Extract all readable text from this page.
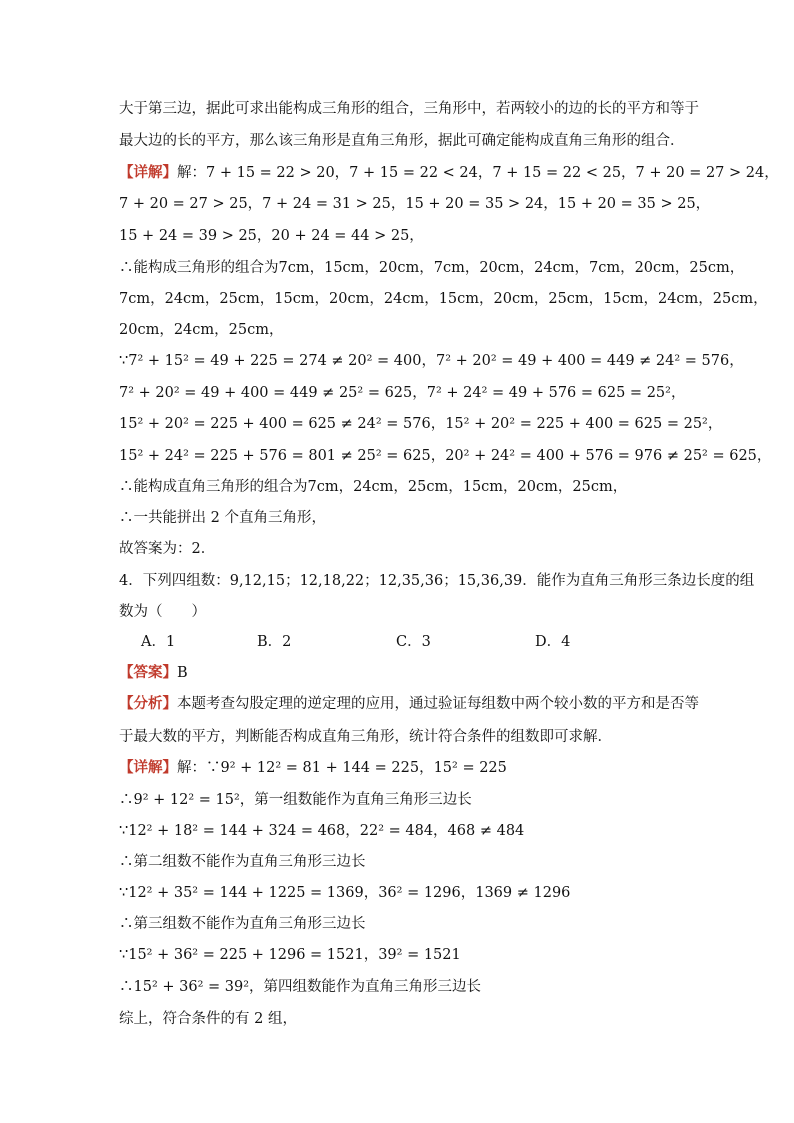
大于第三边，据此可求出能构成三角形的组合，三角形中，若两较小的边的长的平方和等于
最大边的长的平方，那么该三角形是直角三角形，据此可确定能构成直角三角形的组合．
【详解】解：7 + 15 = 22 > 20，7 + 15 = 22 < 24，7 + 15 = 22 < 25，7 + 20 = 27 > 24，
7 + 20 = 27 > 25，7 + 24 = 31 > 25，15 + 20 = 35 > 24，15 + 20 = 35 > 25，
15 + 24 = 39 > 25，20 + 24 = 44 > 25，
∴能构成三角形的组合为7cm，15cm，20cm，7cm，20cm，24cm，7cm，20cm，25cm，
7cm，24cm，25cm，15cm，20cm，24cm，15cm，20cm，25cm，15cm，24cm，25cm，
20cm，24cm，25cm，
∵7² + 15² = 49 + 225 = 274 ≠ 20² = 400，7² + 20² = 49 + 400 = 449 ≠ 24² = 576，
7² + 20² = 49 + 400 = 449 ≠ 25² = 625，7² + 24² = 49 + 576 = 625 = 25²，
15² + 20² = 225 + 400 = 625 ≠ 24² = 576，15² + 20² = 225 + 400 = 625 = 25²，
15² + 24² = 225 + 576 = 801 ≠ 25² = 625，20² + 24² = 400 + 576 = 976 ≠ 25² = 625，
∴能构成直角三角形的组合为7cm，24cm，25cm，15cm，20cm，25cm，
∴一共能拼出 2 个直角三角形，
故答案为：2．
4．下列四组数：9,12,15；12,18,22；12,35,36；15,36,39．能作为直角三角形三条边长度的组
数为（　　）
【答案】B
【分析】本题考查勾股定理的逆定理的应用，通过验证每组数中两个较小数的平方和是否等
于最大数的平方，判断能否构成直角三角形，统计符合条件的组数即可求解．
【详解】解：∵9² + 12² = 81 + 144 = 225，15² = 225
∴9² + 12² = 15²，第一组数能作为直角三角形三边长
∵12² + 18² = 144 + 324 = 468，22² = 484，468 ≠ 484
∴第二组数不能作为直角三角形三边长
∵12² + 35² = 144 + 1225 = 1369，36² = 1296，1369 ≠ 1296
∴第三组数不能作为直角三角形三边长
∵15² + 36² = 225 + 1296 = 1521，39² = 1521
∴15² + 36² = 39²，第四组数能作为直角三角形三边长
综上，符合条件的有 2 组，
A．1	B．2	C．3	D．4
